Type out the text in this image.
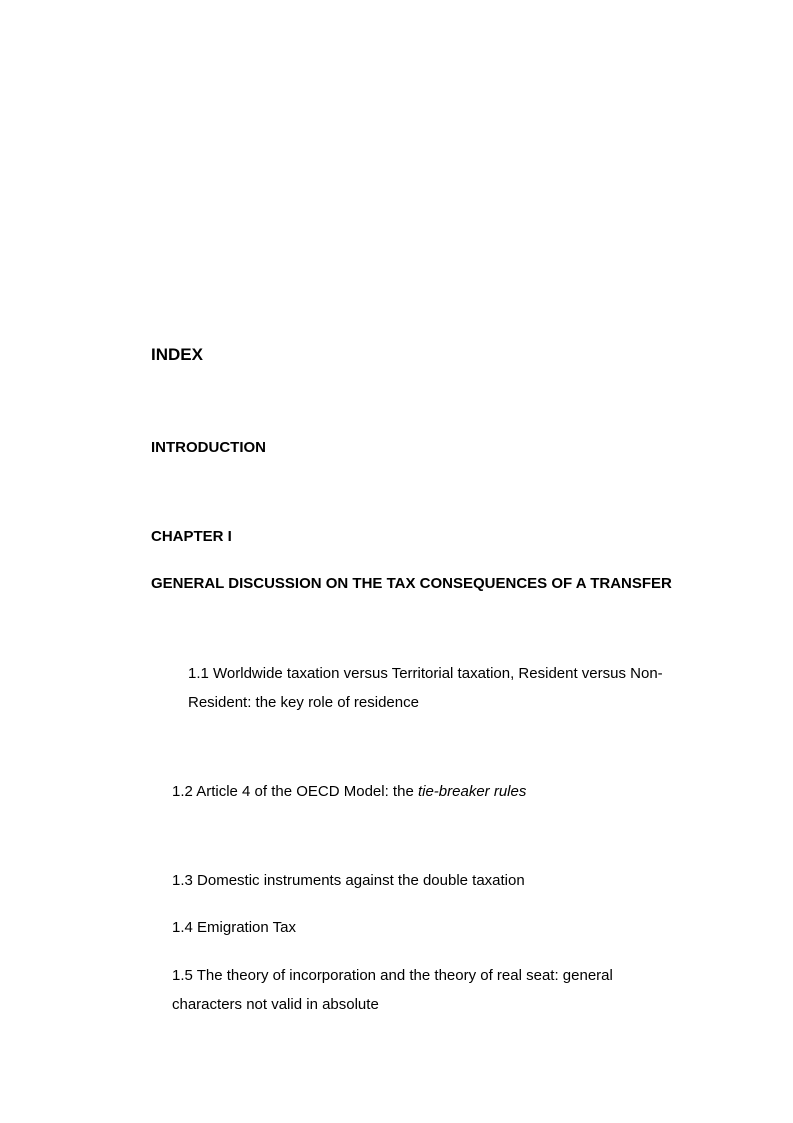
INDEX
INTRODUCTION
CHAPTER I
GENERAL DISCUSSION ON THE TAX CONSEQUENCES OF A TRANSFER
1.1 Worldwide taxation versus Territorial taxation, Resident versus Non-
Resident: the key role of residence
1.2 Article 4 of the OECD Model: the tie-breaker rules
1.3 Domestic instruments against the double taxation
1.4 Emigration Tax
1.5 The theory of incorporation and the theory of real seat: general
characters not valid in absolute
